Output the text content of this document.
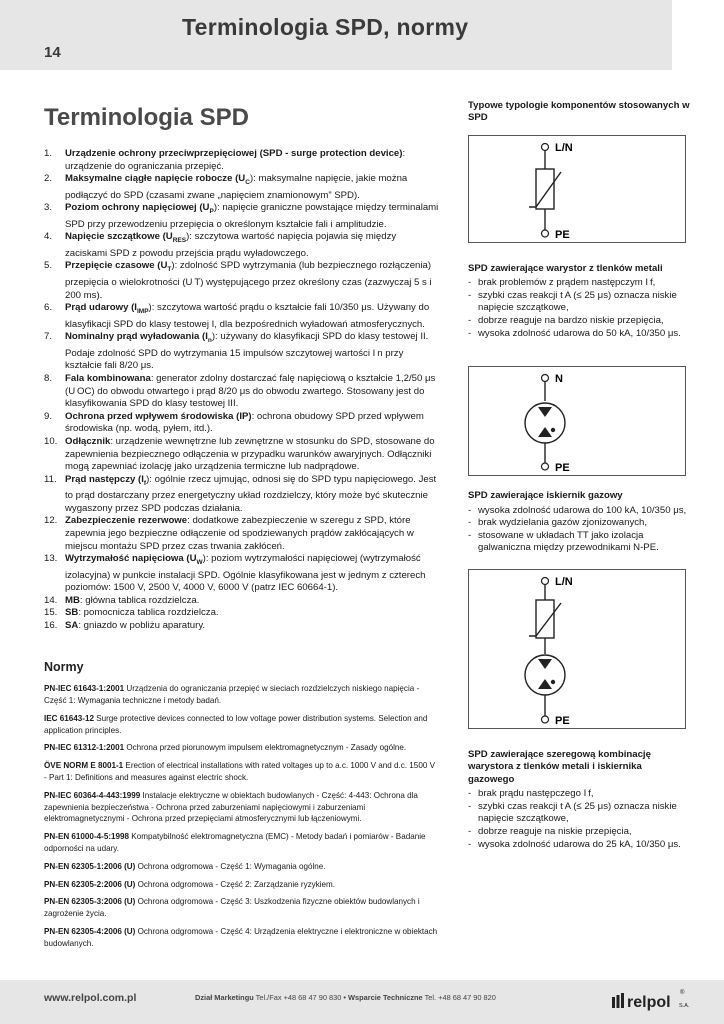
Terminologia SPD, normy
14
Terminologia SPD
1.	Urządzenie ochrony przeciwprzepięciowej (SPD - surge protection device): urządzenie do ograniczania przepięć.
2.	Maksymalne ciągłe napięcie robocze $(U_C)$: maksymalne napięcie, jakie można podłączyć do SPD (czasami zwane „napięciem znamionowym” SPD).
3.	Poziom ochrony napięciowej $(U_P)$: napięcie graniczne powstające między terminalami SPD przy przewodzeniu przepięcia o określonym kształcie fali i amplitudzie.
4.	Napięcie szczątkowe $(U_{RES})$: szczytowa wartość napięcia pojawia się między zaciskami SPD z powodu przejścia prądu wyładowczego.
5.	Przepięcie czasowe $(U_T)$: zdolność SPD wytrzymania (lub bezpiecznego rozłączenia) przepięcia o wielokrotności (U T) występującego przez określony czas (zazwyczaj 5 s i 200 ms).
6.	Prąd udarowy $(I_{IMP})$: szczytowa wartość prądu o kształcie fali 10/350 μs. Używany do klasyfikacji SPD do klasy testowej I, dla bezpośrednich wyładowań atmosferycznych.
7.	Nominalny prąd wyładowania $(I_n)$: używany do klasyfikacji SPD do klasy testowej II. Podaje zdolność SPD do wytrzymania 15 impulsów szczytowej wartości I n przy kształcie fali 8/20 μs.
8.	Fala kombinowana: generator zdolny dostarczać falę napięciową o kształcie 1,2/50 μs (U OC) do obwodu otwartego i prąd 8/20 μs do obwodu zwartego. Stosowany jest do klasyfikowania SPD do klasy testowej III.
9.	Ochrona przed wpływem środowiska (IP): ochrona obudowy SPD przed wpływem środowiska (np. wodą, pyłem, itd.).
10. Odłącznik: urządzenie wewnętrzne lub zewnętrzne w stosunku do SPD, stosowane do zapewnienia bezpiecznego odłączenia w przypadku warunków awaryjnych. Odłączniki mogą zapewniać izolację jako urządzenia termiczne lub nadprądowe.
11. Prąd następczy $(I_f)$: ogólnie rzecz ujmując, odnosi się do SPD typu napięciowego. Jest to prąd dostarczany przez energetyczny układ rozdzielczy, który może być skutecznie wygaszony przez SPD podczas działania.
12. Zabezpieczenie rezerwowe: dodatkowe zabezpieczenie w szeregu z SPD, które zapewnia jego bezpieczne odłączenie od spodziewanych prądów zakłócających w miejscu montażu SPD przez czas trwania zakłóceń.
13. Wytrzymałość napięciowa $(U_W)$: poziom wytrzymałości napięciowej (wytrzymałość izolacyjna) w punkcie instalacji SPD. Ogólnie klasyfikowana jest w jednym z czterech poziomów: 1500 V, 2500 V, 4000 V, 6000 V (patrz IEC 60664-1).
14. MB: główna tablica rozdzielcza.
15. SB: pomocnicza tablica rozdzielcza.
16. SA: gniazdo w pobliżu aparatury.
Normy
PN-IEC 61643-1:2001 Urządzenia do ograniczania przepięć w sieciach rozdzielczych niskiego napięcia - Część 1: Wymagania techniczne i metody badań.
IEC 61643-12 Surge protective devices connected to low voltage power distribution systems. Selection and application principles.
PN-IEC 61312-1:2001 Ochrona przed piorunowym impulsem elektromagnetycznym - Zasady ogólne.
ÖVE NORM E 8001-1 Erection of electrical installations with rated voltages up to a.c. 1000 V and d.c. 1500 V - Part 1: Definitions and measures against electric shock.
PN-IEC 60364-4-443:1999 Instalacje elektryczne w obiektach budowlanych - Część: 4-443: Ochrona dla zapewnienia bezpieczeństwa - Ochrona przed zaburzeniami napięciowymi i zaburzeniami elektromagnetycznymi - Ochrona przed przepięciami atmosferycznymi lub łączeniowymi.
PN-EN 61000-4-5:1998 Kompatybilność elektromagnetyczna (EMC) - Metody badań i pomiarów - Badanie odporności na udary.
PN-EN 62305-1:2006 (U) Ochrona odgromowa - Część 1: Wymagania ogólne.
PN-EN 62305-2:2006 (U) Ochrona odgromowa - Część 2: Zarządzanie ryzykiem.
PN-EN 62305-3:2006 (U) Ochrona odgromowa - Część 3: Uszkodzenia fizyczne obiektów budowlanych i zagrożenie życia.
PN-EN 62305-4:2006 (U) Ochrona odgromowa - Część 4: Urządzenia elektryczne i elektroniczne w obiektach budowlanych.
Typowe typologie komponentów stosowanych w SPD
L/N
PE
SPD zawierające warystor z tlenków metali
- brak problemów z prądem następczym I f,
- szybki czas reakcji t A (≤ 25 μs) oznacza niskie napięcie szczątkowe,
- dobrze reaguje na bardzo niskie przepięcia,
- wysoka zdolność udarowa do 50 kA, 10/350 μs.
N
PE
SPD zawierające iskiernik gazowy
- wysoka zdolność udarowa do 100 kA, 10/350 μs,
- brak wydzielania gazów zjonizowanych,
- stosowane w układach TT jako izolacja galwaniczna między przewodnikami N-PE.
L/N
PE
SPD zawierające szeregową kombinację warystora z tlenków metali i iskiernika gazowego
- brak prądu następczego I f,
- szybki czas reakcji t A (≤ 25 μs) oznacza niskie napięcie szczątkowe,
- dobrze reaguje na niskie przepięcia,
- wysoka zdolność udarowa do 25 kA, 10/350 μs.
www.relpol.com.pl	Dział Marketingu Tel./Fax +48 68 47 90 830 • Wsparcie Techniczne Tel. +48 68 47 90 820	relpol S.A.
®
